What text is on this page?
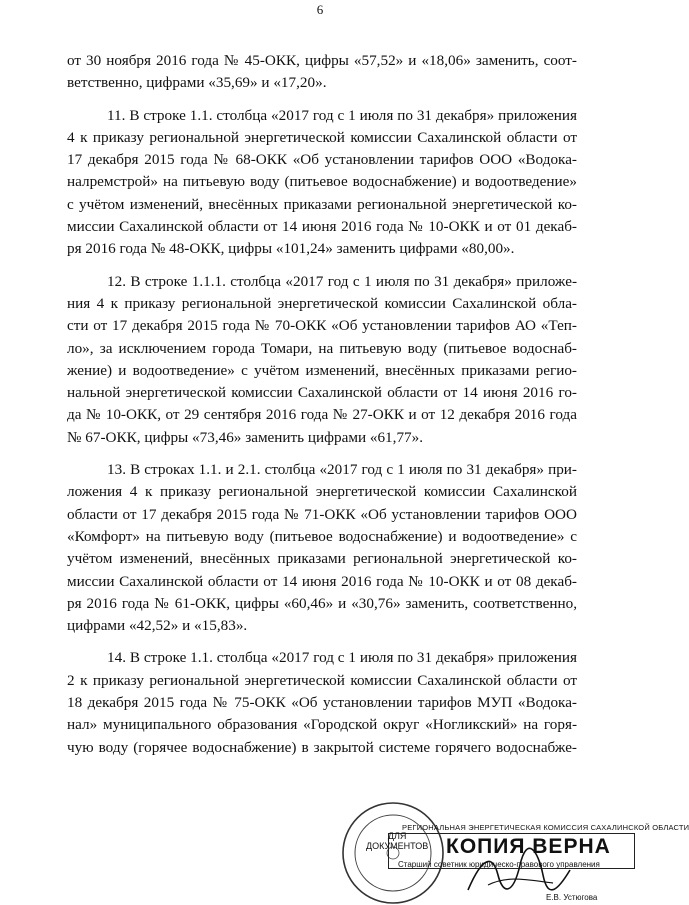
6
от 30 ноября 2016 года № 45-ОКК, цифры «57,52» и «18,06» заменить, соот-
ветственно, цифрами «35,69» и «17,20».
11. В строке 1.1. столбца «2017 год с 1 июля по 31 декабря» приложения
4 к приказу региональной энергетической комиссии Сахалинской области от
17 декабря 2015 года № 68-ОКК «Об установлении тарифов ООО «Водока-
налремстрой» на питьевую воду (питьевое водоснабжение) и водоотведение»
с учётом изменений, внесённых приказами региональной энергетической ко-
миссии Сахалинской области от 14 июня 2016 года № 10-ОКК и от 01 декаб-
ря 2016 года № 48-ОКК, цифры «101,24» заменить цифрами «80,00».
12. В строке 1.1.1. столбца «2017 год с 1 июля по 31 декабря» приложе-
ния 4 к приказу региональной энергетической комиссии Сахалинской обла-
сти от 17 декабря 2015 года № 70-ОКК «Об установлении тарифов АО «Теп-
ло», за исключением города Томари, на питьевую воду (питьевое водоснаб-
жение) и водоотведение» с учётом изменений, внесённых приказами регио-
нальной энергетической комиссии Сахалинской области от 14 июня 2016 го-
да № 10-ОКК, от 29 сентября 2016 года № 27-ОКК и от 12 декабря 2016 года
№ 67-ОКК, цифры «73,46» заменить цифрами «61,77».
13. В строках 1.1. и 2.1. столбца «2017 год с 1 июля по 31 декабря» при-
ложения 4 к приказу региональной энергетической комиссии Сахалинской
области от 17 декабря 2015 года № 71-ОКК «Об установлении тарифов ООО
«Комфорт» на питьевую воду (питьевое водоснабжение) и водоотведение» с
учётом изменений, внесённых приказами региональной энергетической ко-
миссии Сахалинской области от 14 июня 2016 года № 10-ОКК и от 08 декаб-
ря 2016 года № 61-ОКК, цифры «60,46» и «30,76» заменить, соответственно,
цифрами «42,52» и «15,83».
14. В строке 1.1. столбца «2017 год с 1 июля по 31 декабря» приложения
2 к приказу региональной энергетической комиссии Сахалинской области от
18 декабря 2015 года № 75-ОКК «Об установлении тарифов МУП «Водока-
нал» муниципального образования «Городской округ «Ногликский» на горя-
чую воду (горячее водоснабжение) в закрытой системе горячего водоснабже-
ДЛЯ
ДОКУМЕНТОВ
РЕГИОНАЛЬНАЯ ЭНЕРГЕТИЧЕСКАЯ КОМИССИЯ САХАЛИНСКОЙ ОБЛАСТИ
КОПИЯ ВЕРНА
Старший советник юридическо-правового управления
Е.В. Устюгова
